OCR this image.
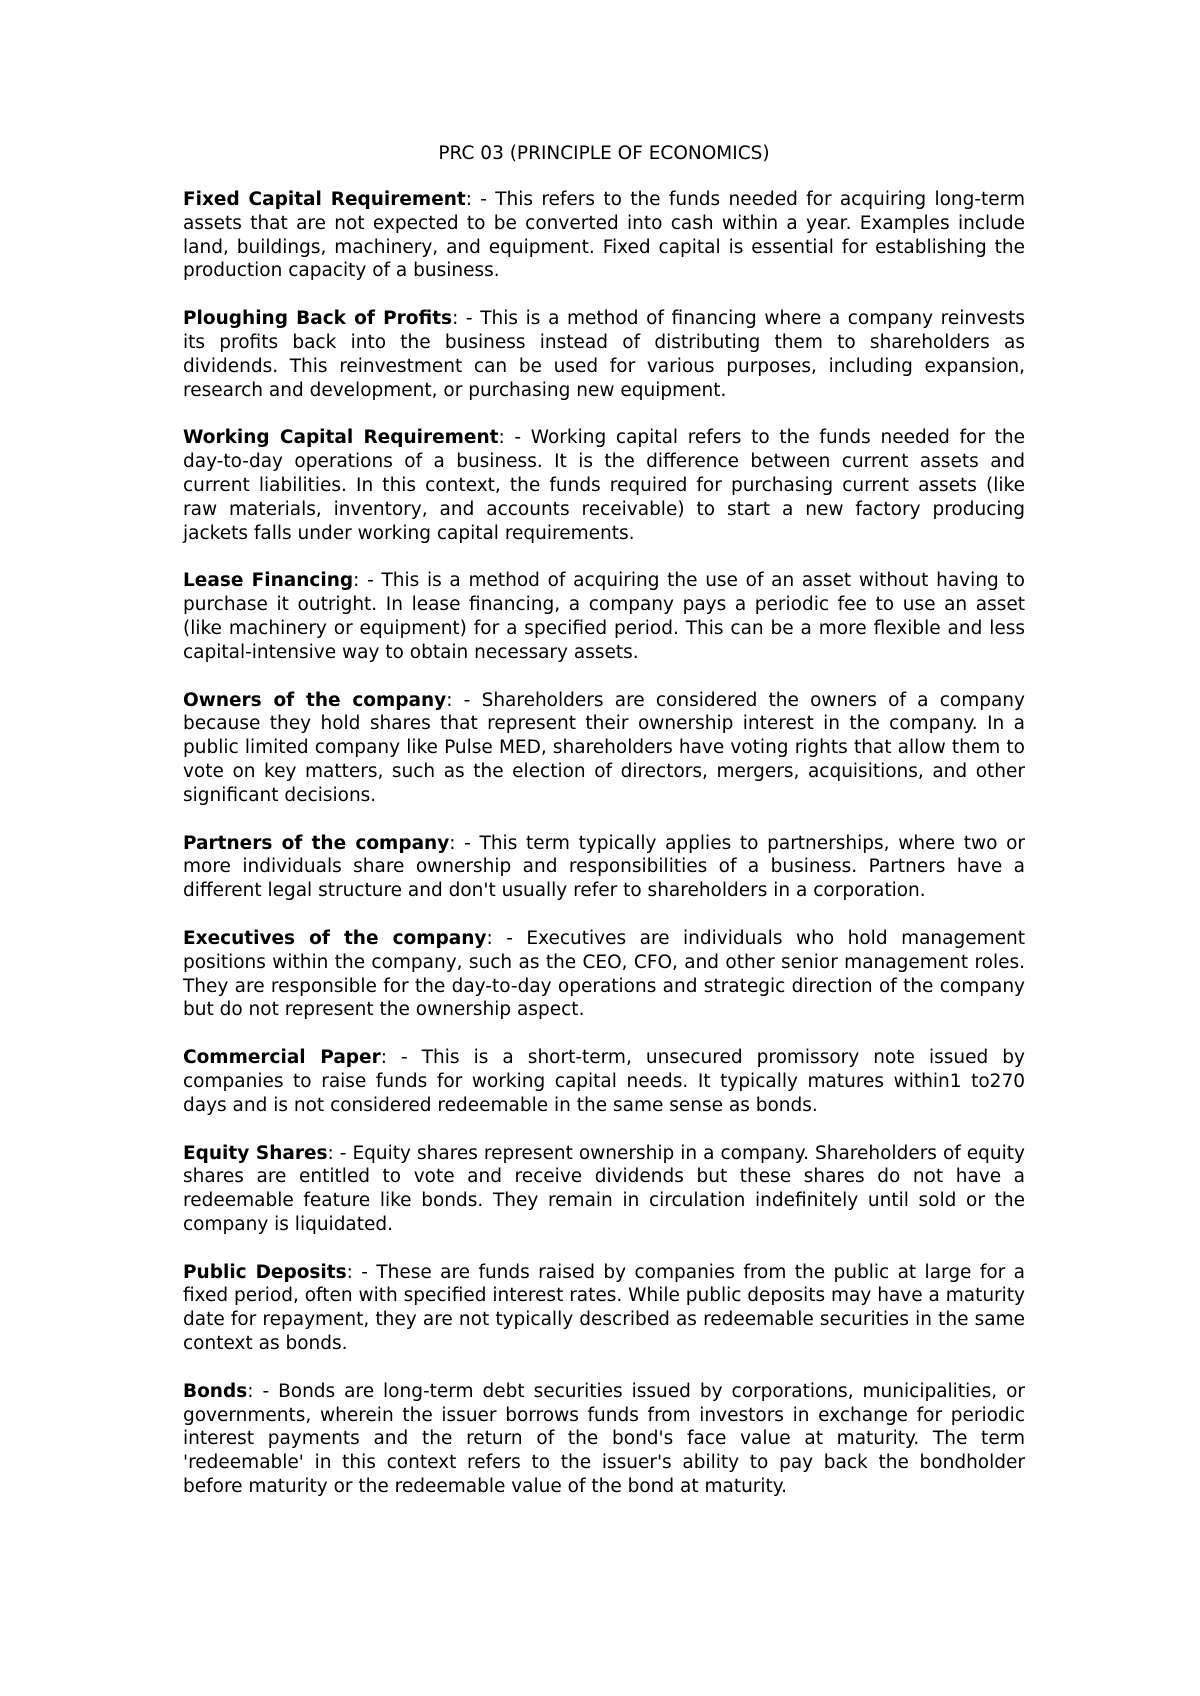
PRC 03 (PRINCIPLE OF ECONOMICS)

Fixed Capital Requirement: - This refers to the funds needed for acquiring long-term assets that are not expected to be converted into cash within a year. Examples include land, buildings, machinery, and equipment. Fixed capital is essential for establishing the production capacity of a business.

Ploughing Back of Profits: - This is a method of financing where a company reinvests its profits back into the business instead of distributing them to shareholders as dividends. This reinvestment can be used for various purposes, including expansion, research and development, or purchasing new equipment.

Working Capital Requirement: - Working capital refers to the funds needed for the day-to-day operations of a business. It is the difference between current assets and current liabilities. In this context, the funds required for purchasing current assets (like raw materials, inventory, and accounts receivable) to start a new factory producing jackets falls under working capital requirements.

Lease Financing: - This is a method of acquiring the use of an asset without having to purchase it outright. In lease financing, a company pays a periodic fee to use an asset (like machinery or equipment) for a specified period. This can be a more flexible and less capital-intensive way to obtain necessary assets.

Owners of the company: - Shareholders are considered the owners of a company because they hold shares that represent their ownership interest in the company. In a public limited company like Pulse MED, shareholders have voting rights that allow them to vote on key matters, such as the election of directors, mergers, acquisitions, and other significant decisions.

Partners of the company: - This term typically applies to partnerships, where two or more individuals share ownership and responsibilities of a business. Partners have a different legal structure and don't usually refer to shareholders in a corporation.

Executives of the company: - Executives are individuals who hold management positions within the company, such as the CEO, CFO, and other senior management roles. They are responsible for the day-to-day operations and strategic direction of the company but do not represent the ownership aspect.

Commercial Paper: - This is a short-term, unsecured promissory note issued by companies to raise funds for working capital needs. It typically matures within1 to270 days and is not considered redeemable in the same sense as bonds.

Equity Shares: - Equity shares represent ownership in a company. Shareholders of equity shares are entitled to vote and receive dividends but these shares do not have a redeemable feature like bonds. They remain in circulation indefinitely until sold or the company is liquidated.

Public Deposits: - These are funds raised by companies from the public at large for a fixed period, often with specified interest rates. While public deposits may have a maturity date for repayment, they are not typically described as redeemable securities in the same context as bonds.

Bonds: - Bonds are long-term debt securities issued by corporations, municipalities, or governments, wherein the issuer borrows funds from investors in exchange for periodic interest payments and the return of the bond's face value at maturity. The term 'redeemable' in this context refers to the issuer's ability to pay back the bondholder before maturity or the redeemable value of the bond at maturity.
